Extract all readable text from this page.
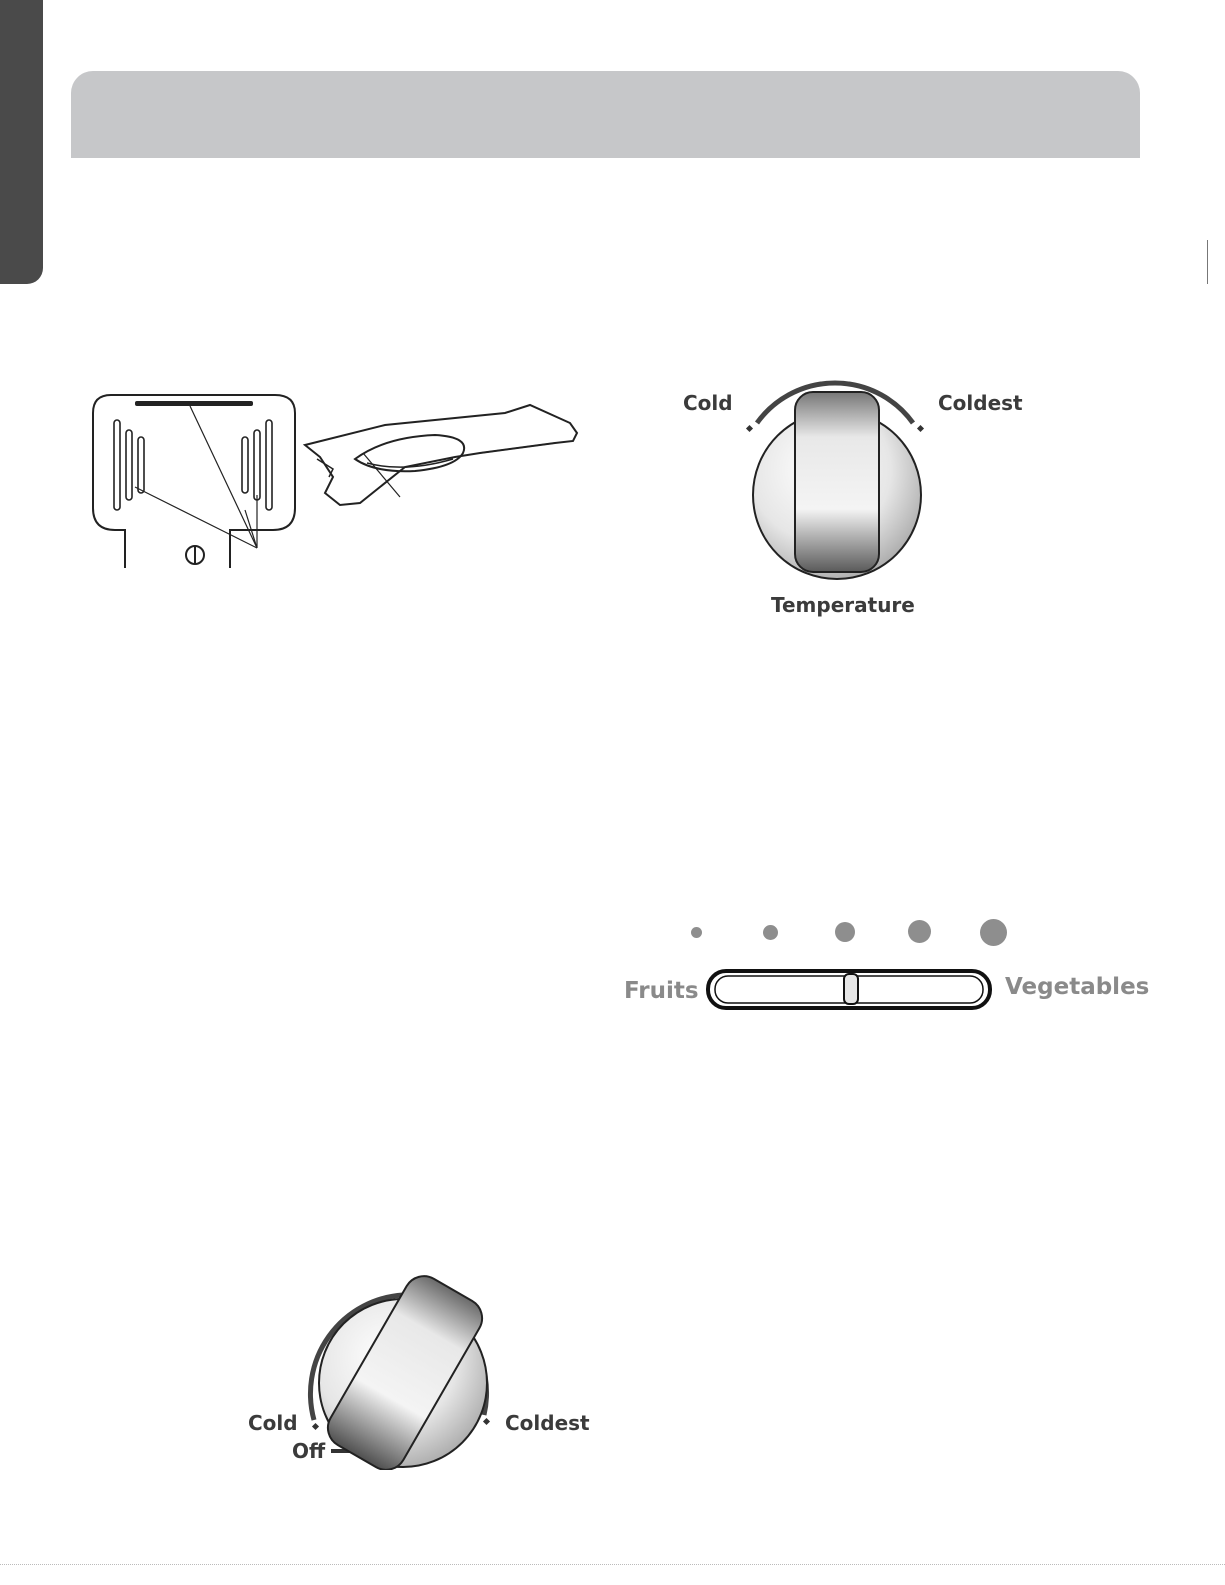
Cold	Coldest
Temperature
Fruits	Vegetables
Cold
Off
Coldest
